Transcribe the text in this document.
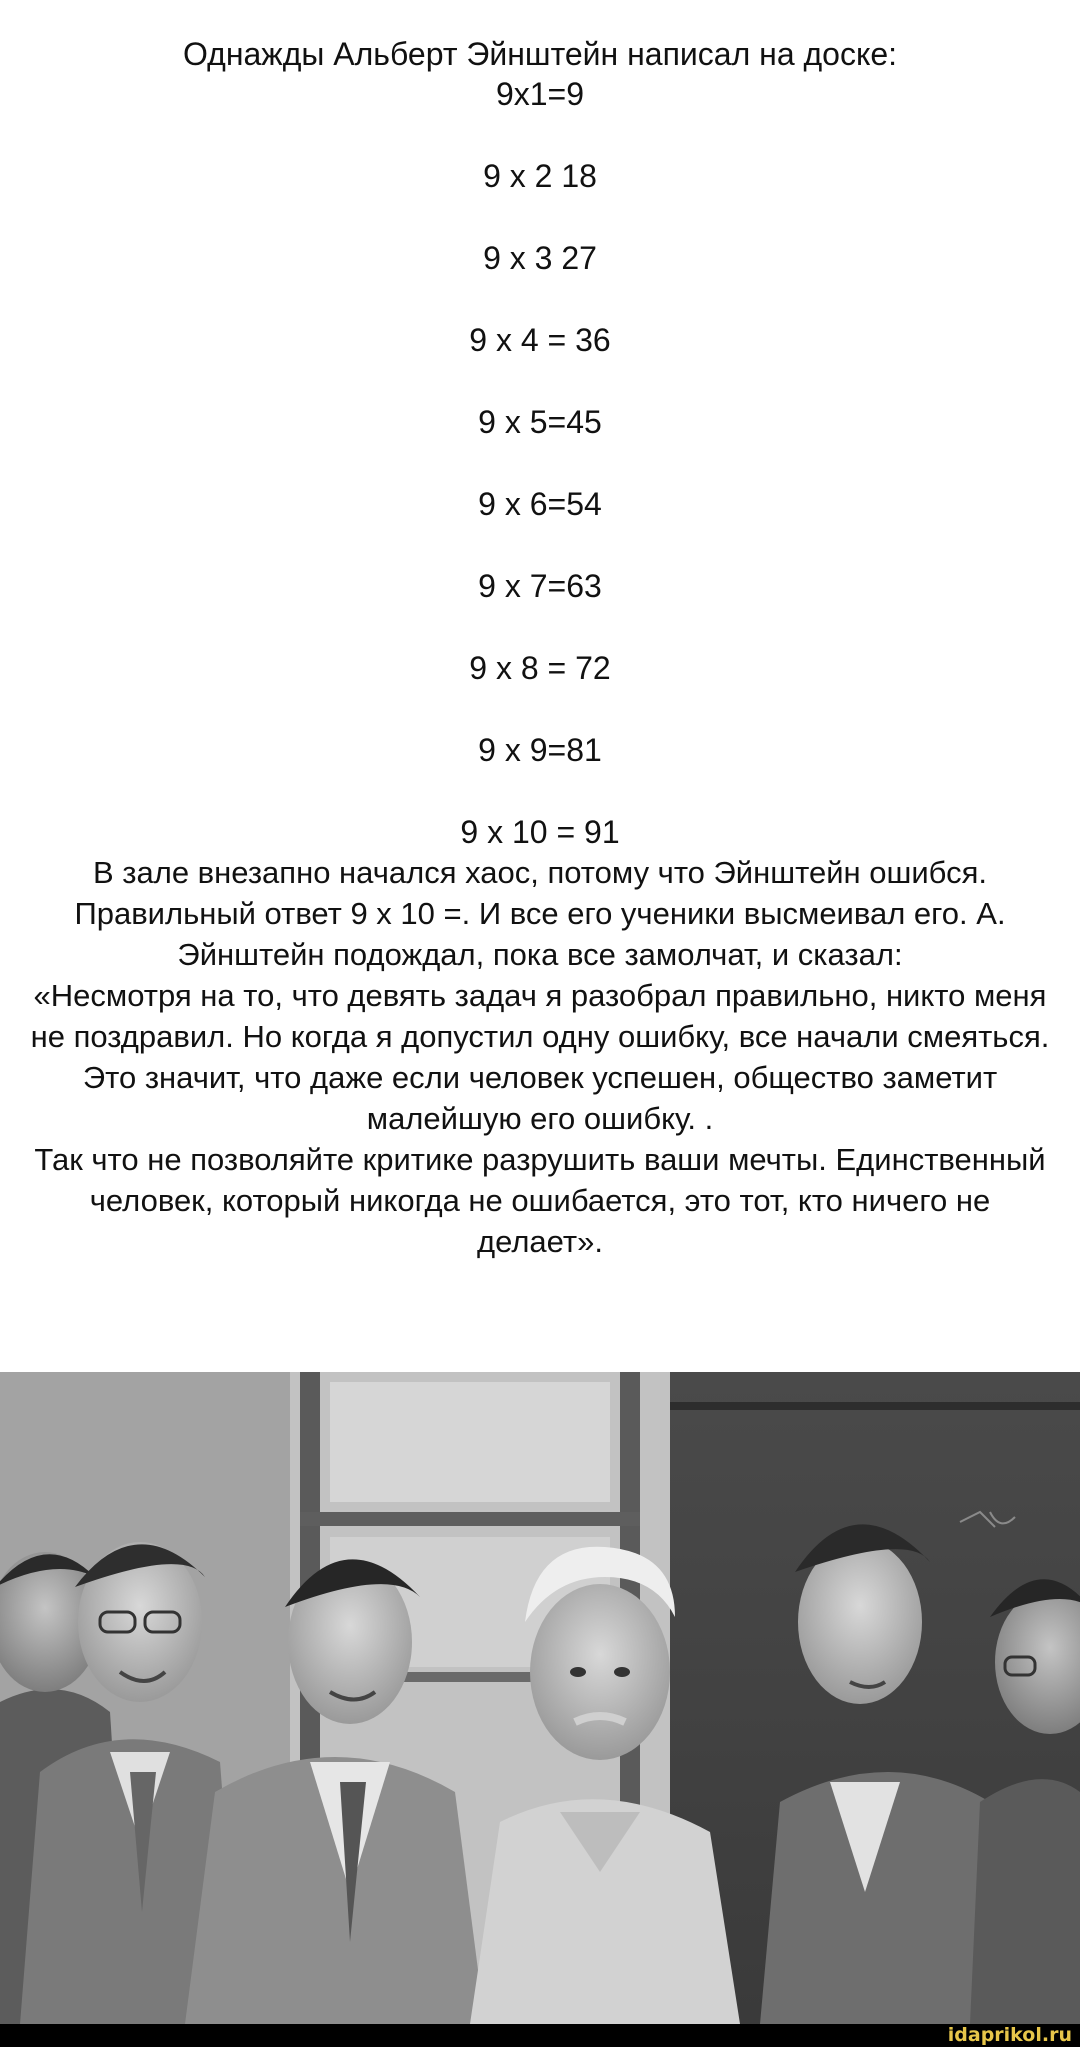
Однажды Альберт Эйнштейн написал на доске:
9x1=9
9 x 2 18
9 x 3 27
9 x 4 = 36
9 x 5=45
9 x 6=54
9 x 7=63
9 x 8 = 72
9 x 9=81
9 x 10 = 91

В зале внезапно начался хаос, потому что Эйнштейн ошибся. Правильный ответ 9 х 10 =. И все его ученики высмеивал его. А. Эйнштейн подождал, пока все замолчат, и сказал:

«Несмотря на то, что девять задач я разобрал правильно, никто меня не поздравил. Но когда я допустил одну ошибку, все начали смеяться. Это значит, что даже если человек успешен, общество заметит малейшую его ошибку. .

Так что не позволяйте критике разрушить ваши мечты. Единственный человек, который никогда не ошибается, это тот, кто ничего не делает».

idaprikol.ru
